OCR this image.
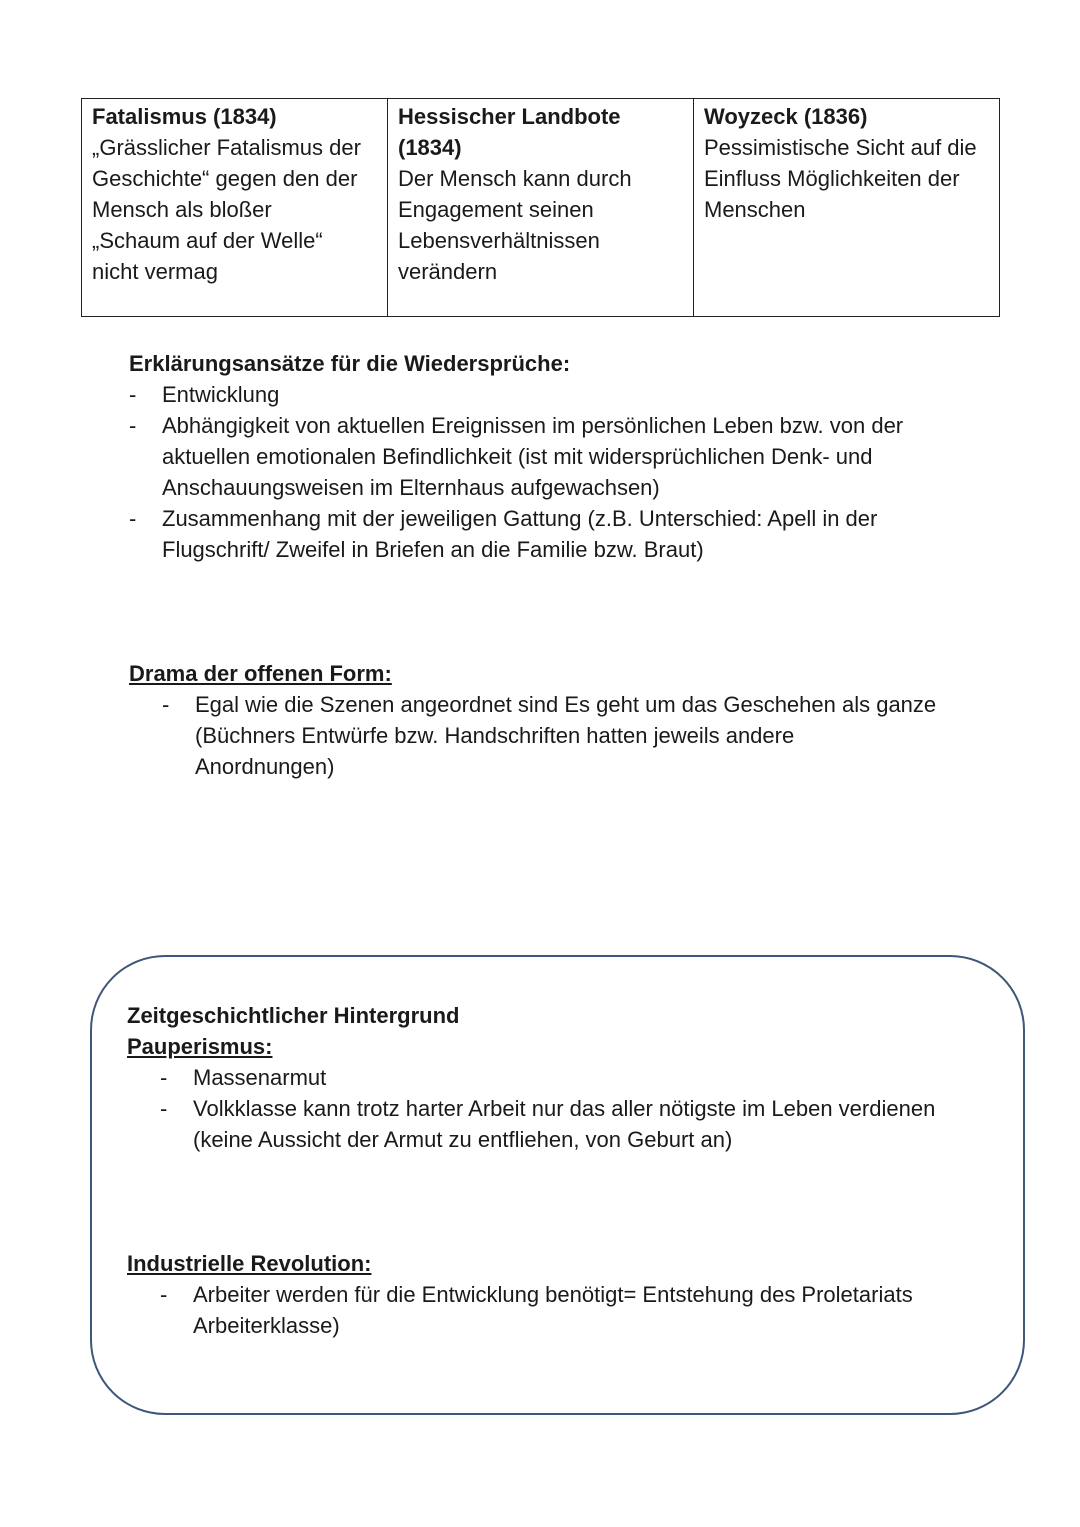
Fatalismus (1834)
„Grässlicher Fatalismus der
Geschichte“ gegen den der
Mensch als bloßer
„Schaum auf der Welle“
nicht vermag
Hessischer Landbote
(1834)
Der Mensch kann durch
Engagement seinen
Lebensverhältnissen
verändern
Woyzeck (1836)
Pessimistische Sicht auf die
Einfluss Möglichkeiten der
Menschen
Erklärungsansätze für die Wiedersprüche:
- Entwicklung
- Abhängigkeit von aktuellen Ereignissen im persönlichen Leben bzw. von der
aktuellen emotionalen Befindlichkeit (ist mit widersprüchlichen Denk- und
Anschauungsweisen im Elternhaus aufgewachsen)
- Zusammenhang mit der jeweiligen Gattung (z.B. Unterschied: Apell in der
Flugschrift/ Zweifel in Briefen an die Familie bzw. Braut)
Drama der offenen Form:
- Egal wie die Szenen angeordnet sind Es geht um das Geschehen als ganze
(Büchners Entwürfe bzw. Handschriften hatten jeweils andere
Anordnungen)
Zeitgeschichtlicher Hintergrund
Pauperismus:
- Massenarmut
- Volkklasse kann trotz harter Arbeit nur das aller nötigste im Leben verdienen
(keine Aussicht der Armut zu entfliehen, von Geburt an)
Industrielle Revolution:
- Arbeiter werden für die Entwicklung benötigt= Entstehung des Proletariats
Arbeiterklasse)
